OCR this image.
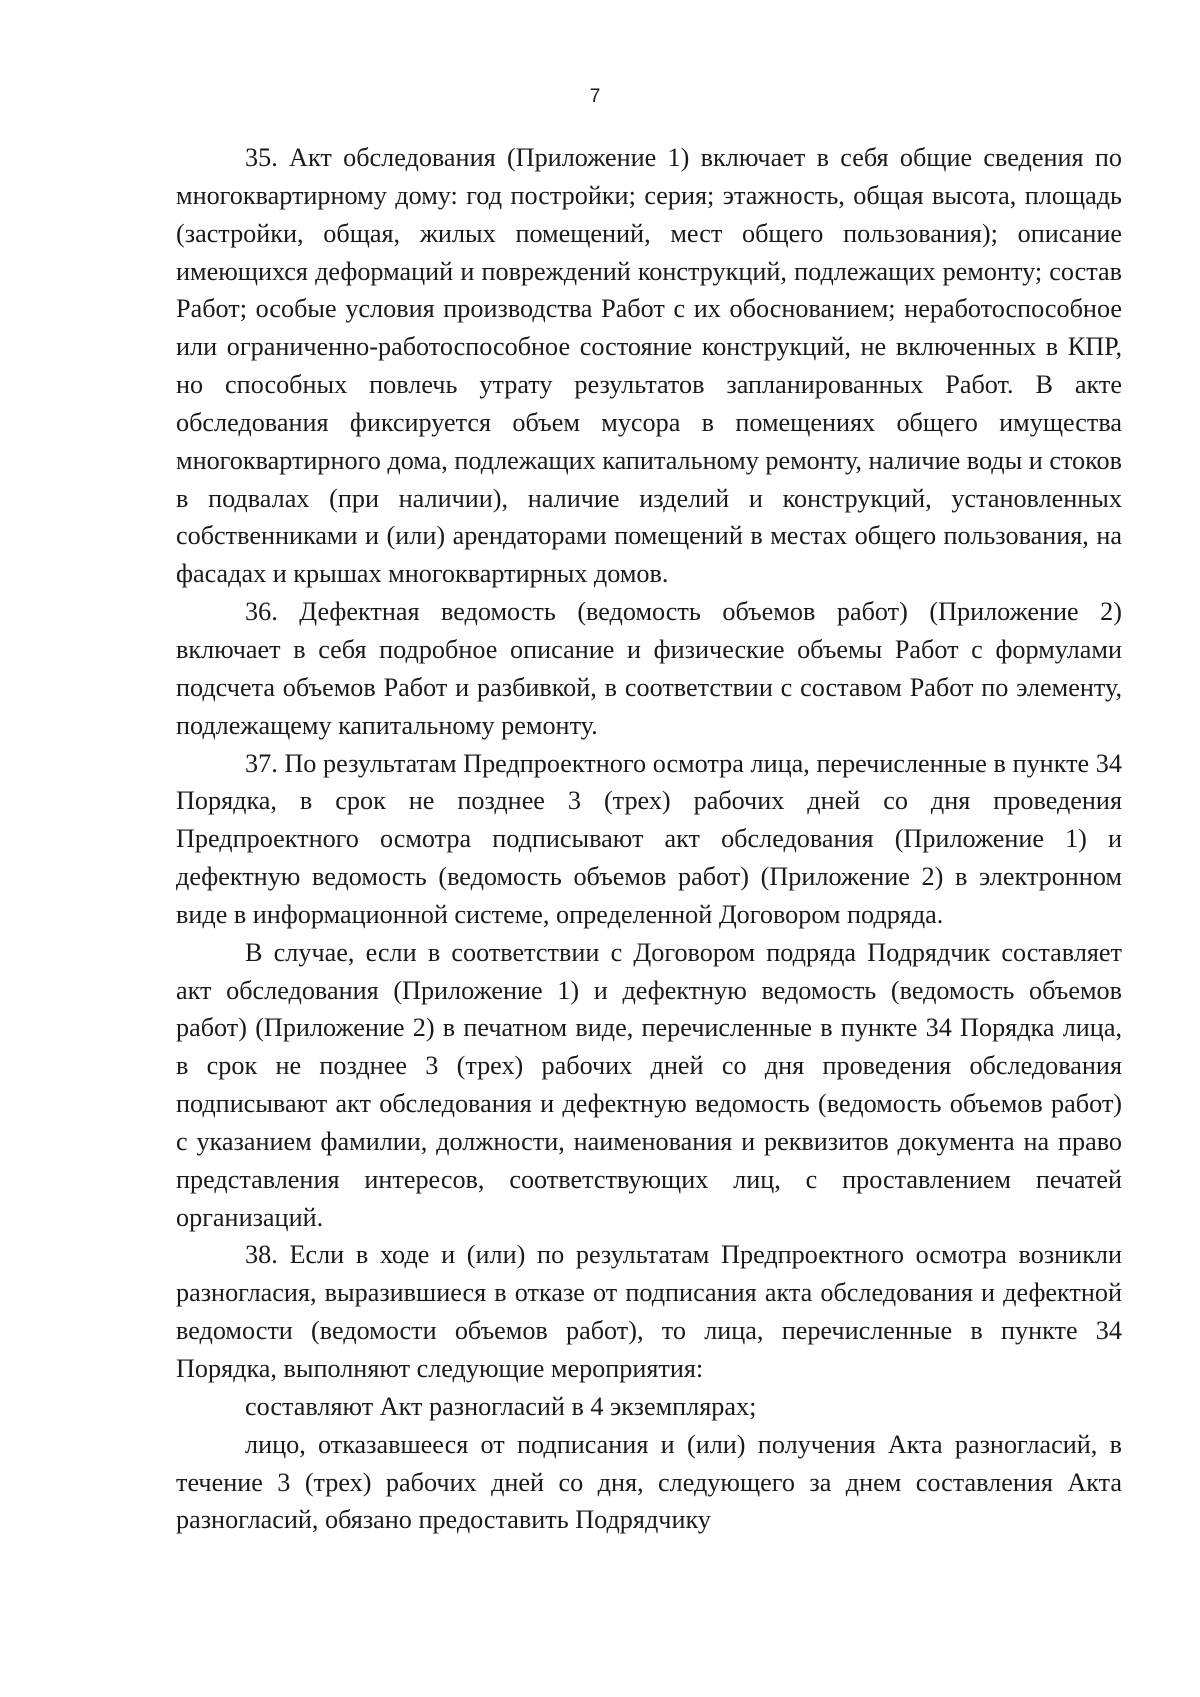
7

35. Акт обследования (Приложение 1) включает в себя общие сведения по многоквартирному дому: год постройки; серия; этажность, общая высота, площадь (застройки, общая, жилых помещений, мест общего пользования); описание имеющихся деформаций и повреждений конструкций, подлежащих ремонту; состав Работ; особые условия производства Работ с их обоснованием; неработоспособное или ограниченно-работоспособное состояние конструкций, не включенных в КПР, но способных повлечь утрату результатов запланированных Работ. В акте обследования фиксируется объем мусора в помещениях общего имущества многоквартирного дома, подлежащих капитальному ремонту, наличие воды и стоков в подвалах (при наличии), наличие изделий и конструкций, установленных собственниками и (или) арендаторами помещений в местах общего пользования, на фасадах и крышах многоквартирных домов.

36. Дефектная ведомость (ведомость объемов работ) (Приложение 2) включает в себя подробное описание и физические объемы Работ с формулами подсчета объемов Работ и разбивкой, в соответствии с составом Работ по элементу, подлежащему капитальному ремонту.

37. По результатам Предпроектного осмотра лица, перечисленные в пункте 34 Порядка, в срок не позднее 3 (трех) рабочих дней со дня проведения Предпроектного осмотра подписывают акт обследования (Приложение 1) и дефектную ведомость (ведомость объемов работ) (Приложение 2) в электронном виде в информационной системе, определенной Договором подряда.

В случае, если в соответствии с Договором подряда Подрядчик составляет акт обследования (Приложение 1) и дефектную ведомость (ведомость объемов работ) (Приложение 2) в печатном виде, перечисленные в пункте 34 Порядка лица, в срок не позднее 3 (трех) рабочих дней со дня проведения обследования подписывают акт обследования и дефектную ведомость (ведомость объемов работ) с указанием фамилии, должности, наименования и реквизитов документа на право представления интересов, соответствующих лиц, с проставлением печатей организаций.

38. Если в ходе и (или) по результатам Предпроектного осмотра возникли разногласия, выразившиеся в отказе от подписания акта обследования и дефектной ведомости (ведомости объемов работ), то лица, перечисленные в пункте 34 Порядка, выполняют следующие мероприятия:

составляют Акт разногласий в 4 экземплярах;

лицо, отказавшееся от подписания и (или) получения Акта разногласий, в течение 3 (трех) рабочих дней со дня, следующего за днем составления Акта разногласий, обязано предоставить Подрядчику
